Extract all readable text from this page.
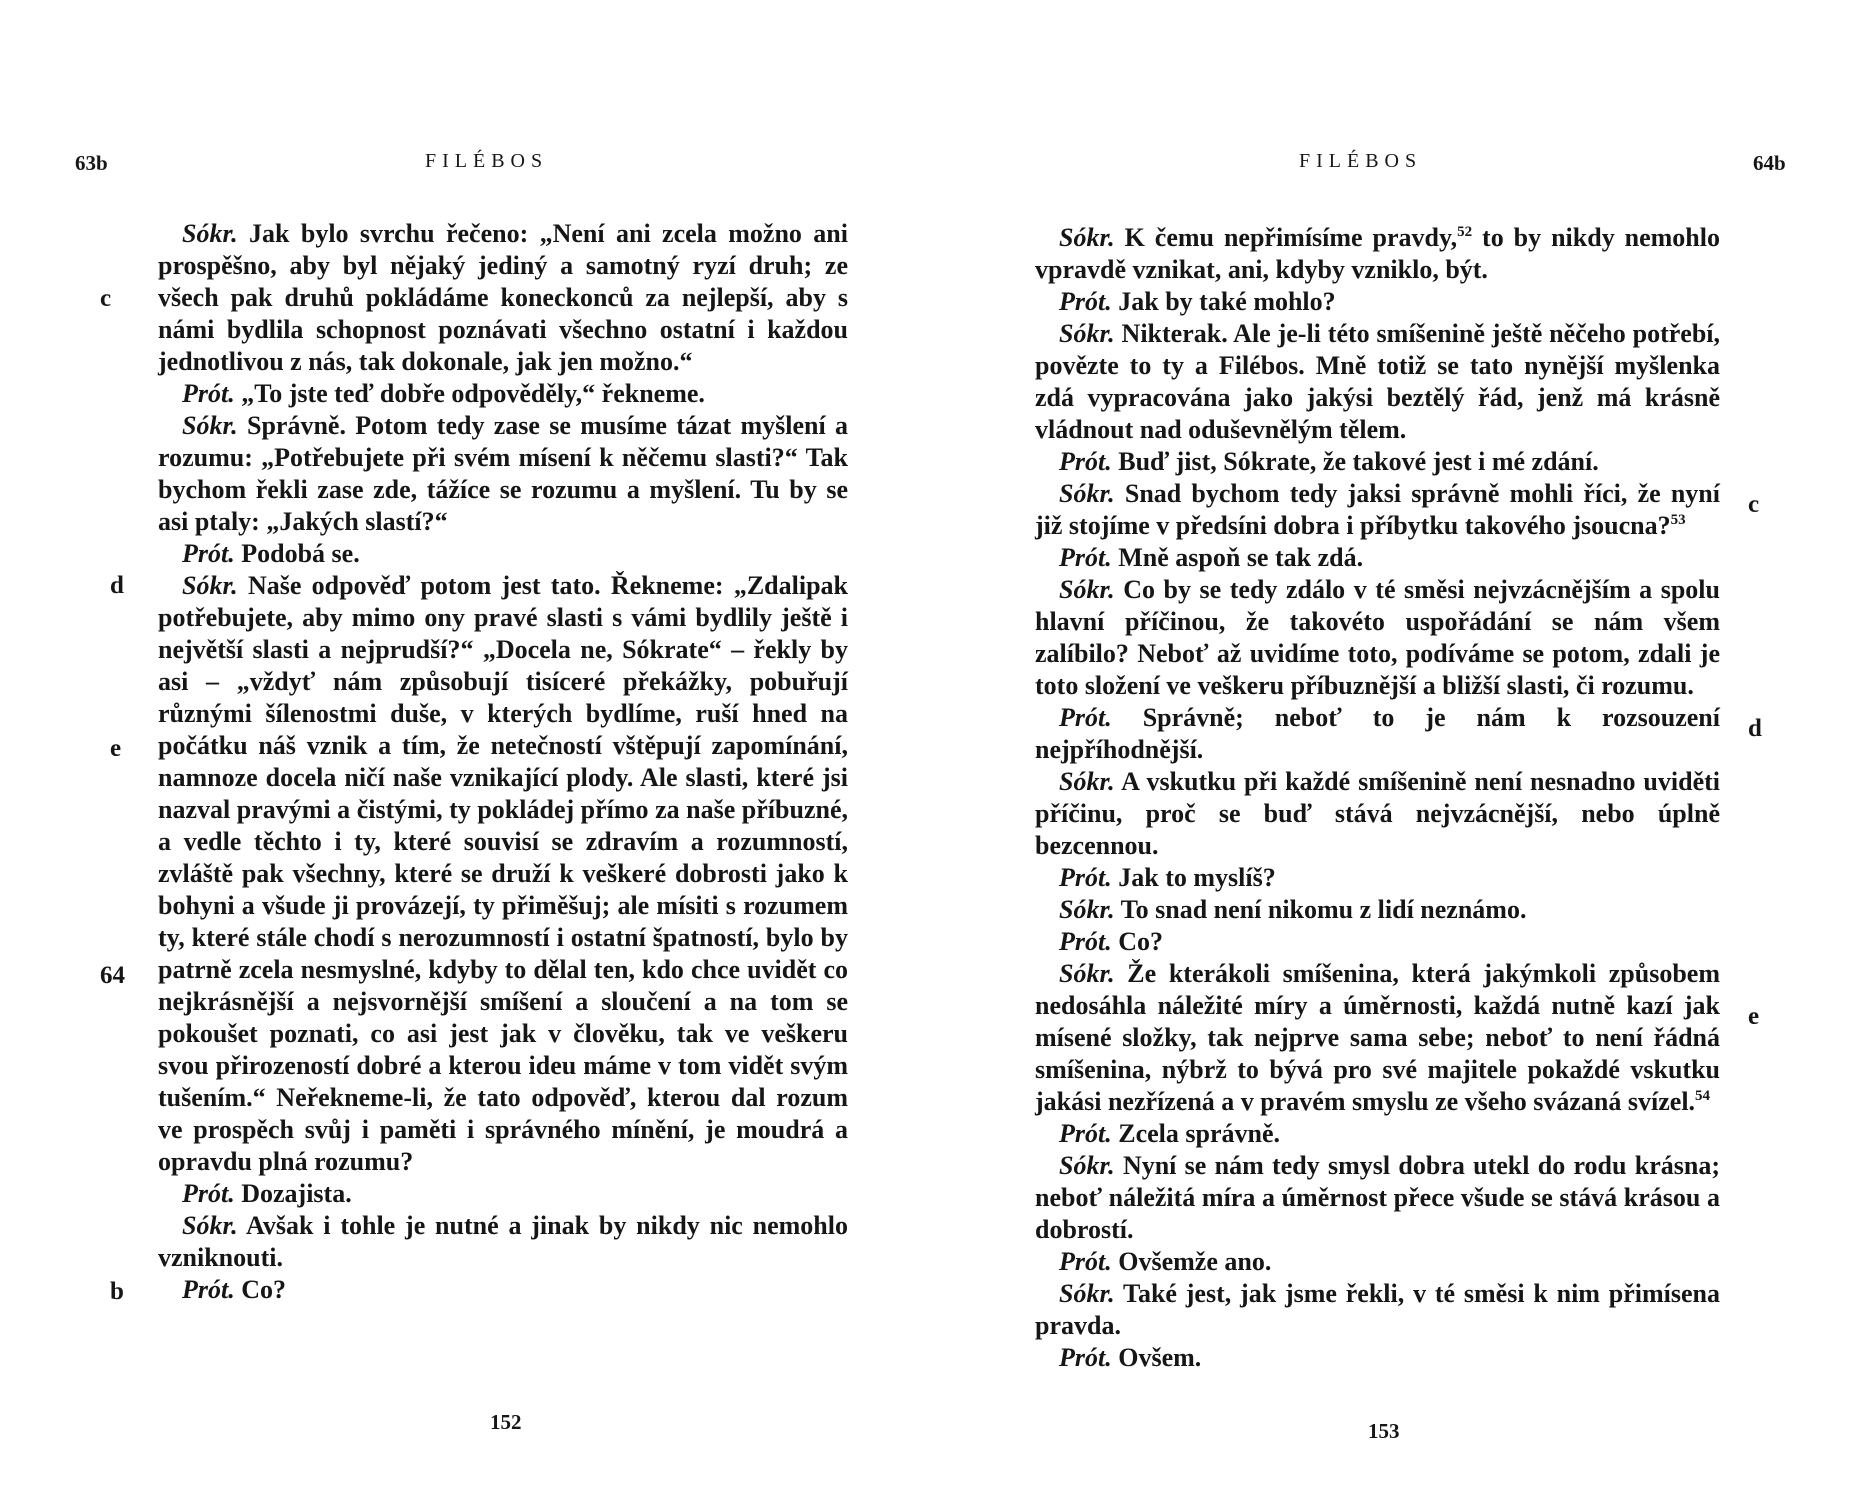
63b	FILÉBOS
c
d
e
64
b

Sókr. Jak bylo svrchu řečeno: „Není ani zcela možno ani prospěšno, aby byl nějaký jediný a samotný ryzí druh; ze všech pak druhů pokládáme koneckonců za nejlepší, aby s námi bydlila schopnost poznávati všechno ostatní i každou jednotlivou z nás, tak dokonale, jak jen možno.“

Prót. „To jste teď dobře odpověděly,“ řekneme.

Sókr. Správně. Potom tedy zase se musíme tázat myšlení a rozumu: „Potřebujete při svém mísení k něčemu slasti?“ Tak bychom řekli zase zde, tážíce se rozumu a myšlení. Tu by se asi ptaly: „Jakých slastí?“

Prót. Podobá se.

Sókr. Naše odpověď potom jest tato. Řekneme: „Zdalipak potřebujete, aby mimo ony pravé slasti s vámi bydlily ještě i největší slasti a nejprudší?“ „Docela ne, Sókrate“ – řekly by asi – „vždyť nám způsobují tisíceré překážky, pobuřují různými šílenostmi duše, v kterých bydlíme, ruší hned na počátku náš vznik a tím, že netečností vštěpují zapomínání, namnoze docela ničí naše vznikající plody. Ale slasti, které jsi nazval pravými a čistými, ty pokládej přímo za naše příbuzné, a vedle těchto i ty, které souvisí se zdravím a rozumností, zvláště pak všechny, které se druží k veškeré dobrosti jako k bohyni a všude ji provázejí, ty přiměšuj; ale mísiti s rozumem ty, které stále chodí s nerozumností i ostatní špatností, bylo by patrně zcela nesmyslné, kdyby to dělal ten, kdo chce uvidět co nejkrásnější a nejsvornější smíšení a sloučení a na tom se pokoušet poznati, co asi jest jak v člověku, tak ve veškeru svou přirozeností dobré a kterou ideu máme v tom vidět svým tušením.“ Neřekneme-li, že tato odpověď, kterou dal rozum ve prospěch svůj i paměti i správného mínění, je moudrá a opravdu plná rozumu?

Prót. Dozajista.

Sókr. Avšak i tohle je nutné a jinak by nikdy nic nemohlo vzniknouti.

Prót. Co?

152
FILÉBOS	64b
c
d
e

Sókr. K čemu nepřimísíme pravdy,$^{52}$ to by nikdy nemohlo vpravdě vznikat, ani, kdyby vzniklo, být.

Prót. Jak by také mohlo?

Sókr. Nikterak. Ale je-li této smíšenině ještě něčeho potřebí, povězte to ty a Filébos. Mně totiž se tato nynější myšlenka zdá vypracována jako jakýsi beztělý řád, jenž má krásně vládnout nad oduševnělým tělem.

Prót. Buď jist, Sókrate, že takové jest i mé zdání.

Sókr. Snad bychom tedy jaksi správně mohli říci, že nyní již stojíme v předsíni dobra i příbytku takového jsoucna?$^{53}$

Prót. Mně aspoň se tak zdá.

Sókr. Co by se tedy zdálo v té směsi nejvzácnějším a spolu hlavní příčinou, že takovéto uspořádání se nám všem zalíbilo? Neboť až uvidíme toto, podíváme se potom, zdali je toto složení ve veškeru příbuznější a bližší slasti, či rozumu.

Prót. Správně; neboť to je nám k rozsouzení nejpříhodnější.

Sókr. A vskutku při každé smíšenině není nesnadno uviděti příčinu, proč se buď stává nejvzácnější, nebo úplně bezcennou.

Prót. Jak to myslíš?

Sókr. To snad není nikomu z lidí neznámo.

Prót. Co?

Sókr. Že kterákoli smíšenina, která jakýmkoli způsobem nedosáhla náležité míry a úměrnosti, každá nutně kazí jak mísené složky, tak nejprve sama sebe; neboť to není řádná smíšenina, nýbrž to bývá pro své majitele pokaždé vskutku jakási nezřízená a v pravém smyslu ze všeho svázaná svízel.$^{54}$

Prót. Zcela správně.

Sókr. Nyní se nám tedy smysl dobra utekl do rodu krásna; neboť náležitá míra a úměrnost přece všude se stává krásou a dobrostí.

Prót. Ovšemže ano.

Sókr. Také jest, jak jsme řekli, v té směsi k nim přimísena pravda.

Prót. Ovšem.

153
